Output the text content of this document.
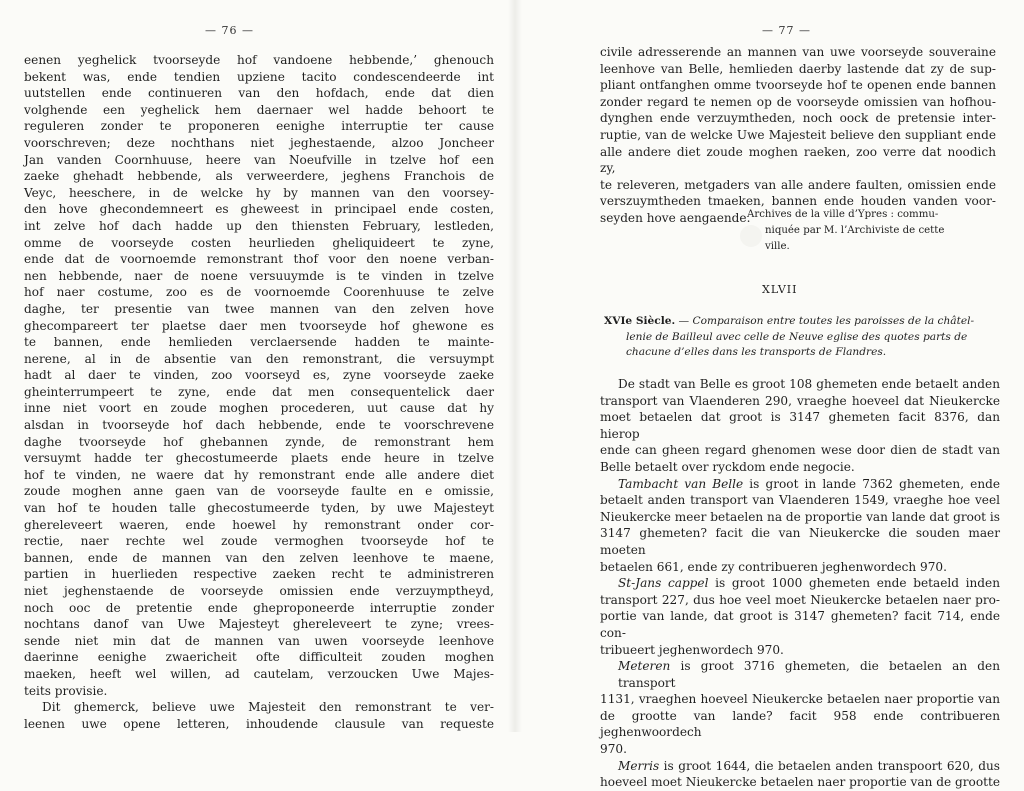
— 76 —
eenen yeghelick tvoorseyde hof vandoene hebbende,’ ghenouch
bekent was, ende tendien upziene tacito condescendeerde int
uutstellen ende continueren van den hofdach, ende dat dien
volghende een yeghelick hem daernaer wel hadde behoort te
reguleren zonder te proponeren eenighe interruptie ter cause
voorschreven; deze nochthans niet jeghestaende, alzoo Joncheer
Jan vanden Coornhuuse, heere van Noeufville in tzelve hof een
zaeke ghehadt hebbende, als verweerdere, jeghens Franchois de
Veyc, heeschere, in de welcke hy by mannen van den voorsey-
den hove ghecondemneert es gheweest in principael ende costen,
int zelve hof dach hadde up den thiensten February, lestleden,
omme de voorseyde costen heurlieden gheliquideert te zyne,
ende dat de voornoemde remonstrant thof voor den noene verban-
nen hebbende, naer de noene versuuymde is te vinden in tzelve
hof naer costume, zoo es de voornoemde Coorenhuuse te zelve
daghe, ter presentie van twee mannen van den zelven hove
ghecompareert ter plaetse daer men tvoorseyde hof ghewone es
te bannen, ende hemlieden verclaersende hadden te mainte-
nerene, al in de absentie van den remonstrant, die versuympt
hadt al daer te vinden, zoo voorseyd es, zyne voorseyde zaeke
gheinterrumpeert te zyne, ende dat men consequentelick daer
inne niet voort en zoude moghen procederen, uut cause dat hy
alsdan in tvoorseyde hof dach hebbende, ende te voorschrevene
daghe tvoorseyde hof ghebannen zynde, de remonstrant hem
versuymt hadde ter ghecostumeerde plaets ende heure in tzelve
hof te vinden, ne waere dat hy remonstrant ende alle andere diet
zoude moghen anne gaen van de voorseyde faulte en e omissie,
van hof te houden talle ghecostumeerde tyden, by uwe Majesteyt
ghereleveert waeren, ende hoewel hy remonstrant onder cor-
rectie, naer rechte wel zoude vermoghen tvoorseyde hof te
bannen, ende de mannen van den zelven leenhove te maene,
partien in huerlieden respective zaeken recht te administreren
niet jeghenstaende de voorseyde omissien ende verzuymptheyd,
noch ooc de pretentie ende gheproponeerde interruptie zonder
nochtans danof van Uwe Majesteyt ghereleveert te zyne; vrees-
sende niet min dat de mannen van uwen voorseyde leenhove
daerinne eenighe zwaericheit ofte difficulteit zouden moghen
maeken, heeft wel willen, ad cautelam, verzoucken Uwe Majes-
teits provisie.
Dit ghemerck, believe uwe Majesteit den remonstrant te ver-
leenen uwe opene letteren, inhoudende clausule van requeste
— 77 —
civile adresserende an mannen van uwe voorseyde souveraine
leenhove van Belle, hemlieden daerby lastende dat zy de sup-
pliant ontfanghen omme tvoorseyde hof te openen ende bannen
zonder regard te nemen op de voorseyde omissien van hofhou-
dynghen ende verzuymtheden, noch oock de pretensie inter-
ruptie, van de welcke Uwe Majesteit believe den suppliant ende
alle andere diet zoude moghen raeken, zoo verre dat noodich zy,
te releveren, metgaders van alle andere faulten, omissien ende
verszuymtheden tmaeken, bannen ende houden vanden voor-
seyden hove aengaende.
Archives de la ville d’Ypres : commu-
niquée par M. l’Archiviste de cette
ville.
XLVII
XVIe Siècle. — Comparaison entre toutes les paroisses de la châtel-
lenie de Bailleul avec celle de Neuve eglise des quotes parts de
chacune d’elles dans les transports de Flandres.
De stadt van Belle es groot 108 ghemeten ende betaelt anden
transport van Vlaenderen 290, vraeghe hoeveel dat Nieukercke
moet betaelen dat groot is 3147 ghemeten facit 8376, dan hierop
ende can gheen regard ghenomen wese door dien de stadt van
Belle betaelt over ryckdom ende negocie.
Tambacht van Belle is groot in lande 7362 ghemeten, ende
betaelt anden transport van Vlaenderen 1549, vraeghe hoe veel
Nieukercke meer betaelen na de proportie van lande dat groot is
3147 ghemeten? facit die van Nieukercke die souden maer moeten
betaelen 661, ende zy contribueren jeghenwordech 970.
St-Jans cappel is groot 1000 ghemeten ende betaeld inden
transport 227, dus hoe veel moet Nieukercke betaelen naer pro-
portie van lande, dat groot is 3147 ghemeten? facit 714, ende con-
tribueert jeghenwordech 970.
Meteren is groot 3716 ghemeten, die betaelen an den transport
1131, vraeghen hoeveel Nieukercke betaelen naer proportie van
de grootte van lande? facit 958 ende contribueren jeghenwoordech
970.
Merris is groot 1644, die betaelen anden transpoort 620, dus
hoeveel moet Nieukercke betaelen naer proportie van de grootte
